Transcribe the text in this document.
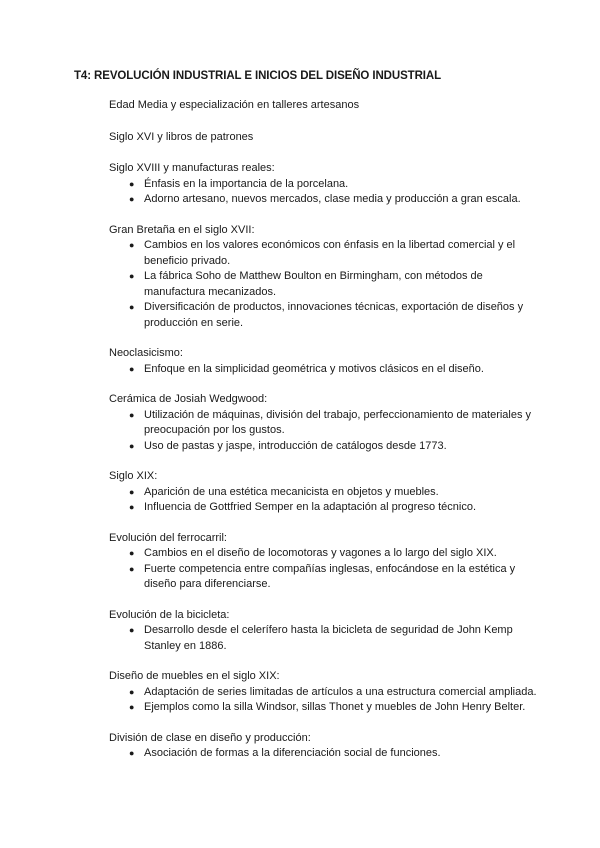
T4: REVOLUCIÓN INDUSTRIAL E INICIOS DEL DISEÑO INDUSTRIAL

Edad Media y especialización en talleres artesanos

Siglo XVI y libros de patrones

Siglo XVIII y manufacturas reales:

● Énfasis en la importancia de la porcelana.
● Adorno artesano, nuevos mercados, clase media y producción a gran escala.

Gran Bretaña en el siglo XVII:

● Cambios en los valores económicos con énfasis en la libertad comercial y el beneficio privado.
● La fábrica Soho de Matthew Boulton en Birmingham, con métodos de manufactura mecanizados.
● Diversificación de productos, innovaciones técnicas, exportación de diseños y producción en serie.

Neoclasicismo:

● Enfoque en la simplicidad geométrica y motivos clásicos en el diseño.

Cerámica de Josiah Wedgwood:

● Utilización de máquinas, división del trabajo, perfeccionamiento de materiales y preocupación por los gustos.
● Uso de pastas y jaspe, introducción de catálogos desde 1773.

Siglo XIX:

● Aparición de una estética mecanicista en objetos y muebles.
● Influencia de Gottfried Semper en la adaptación al progreso técnico.

Evolución del ferrocarril:

● Cambios en el diseño de locomotoras y vagones a lo largo del siglo XIX.
● Fuerte competencia entre compañías inglesas, enfocándose en la estética y diseño para diferenciarse.

Evolución de la bicicleta:

● Desarrollo desde el celerífero hasta la bicicleta de seguridad de John Kemp Stanley en 1886.

Diseño de muebles en el siglo XIX:

● Adaptación de series limitadas de artículos a una estructura comercial ampliada.
● Ejemplos como la silla Windsor, sillas Thonet y muebles de John Henry Belter.

División de clase en diseño y producción:

● Asociación de formas a la diferenciación social de funciones.
